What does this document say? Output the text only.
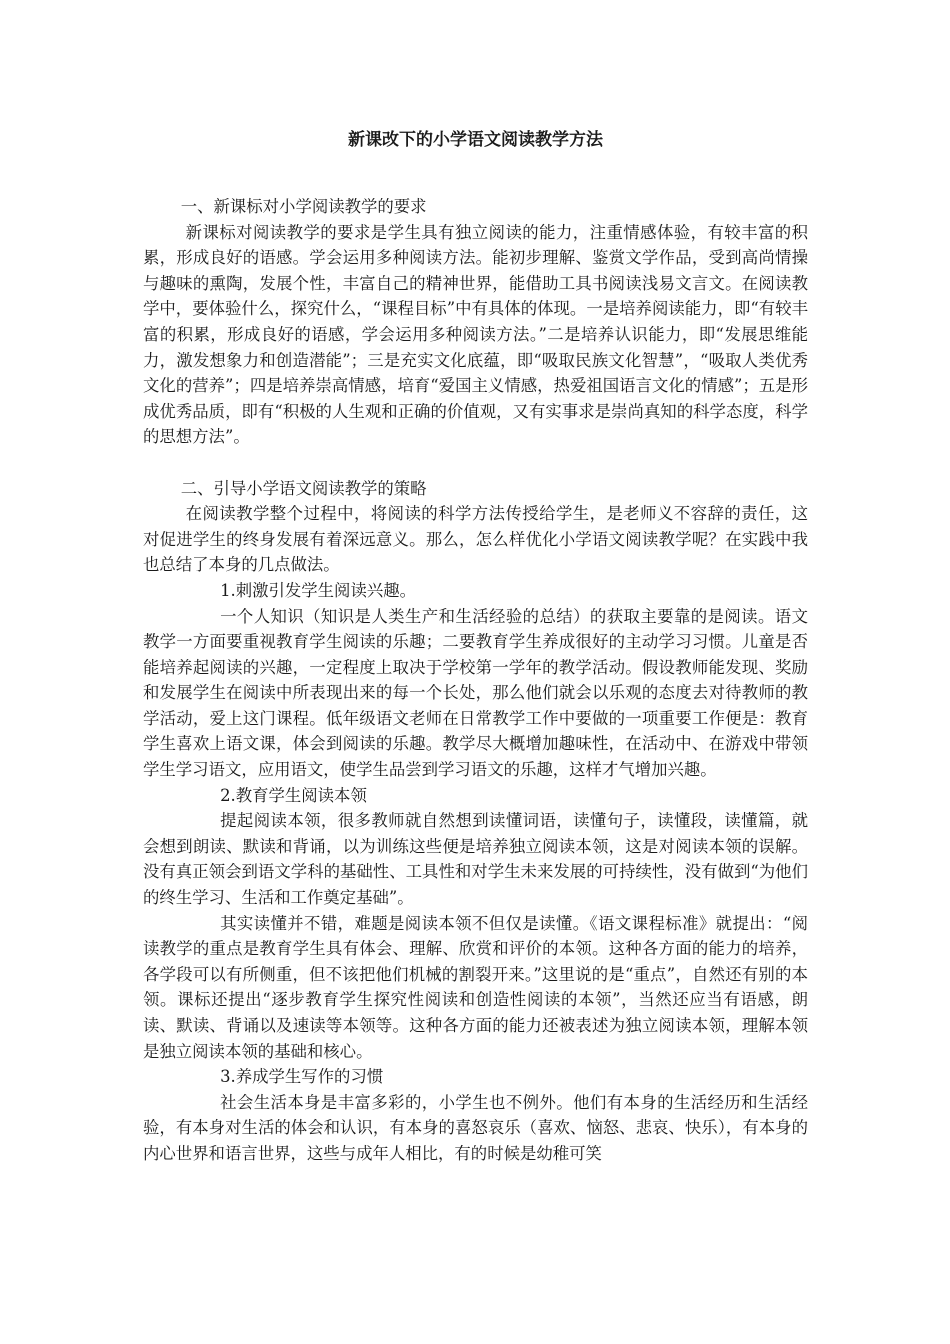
新课改下的小学语文阅读教学方法

一、新课标对小学阅读教学的要求

新课标对阅读教学的要求是学生具有独立阅读的能力，注重情感体验，有较丰富的积累，形成良好的语感。学会运用多种阅读方法。能初步理解、鉴赏文学作品，受到高尚情操与趣味的熏陶，发展个性，丰富自己的精神世界，能借助工具书阅读浅易文言文。在阅读教学中，要体验什么，探究什么，“课程目标”中有具体的体现。一是培养阅读能力，即“有较丰富的积累，形成良好的语感，学会运用多种阅读方法。”二是培养认识能力，即“发展思维能力，激发想象力和创造潜能”；三是充实文化底蕴，即“吸取民族文化智慧”，“吸取人类优秀文化的营养”；四是培养崇高情感，培育“爱国主义情感，热爱祖国语言文化的情感”；五是形成优秀品质，即有“积极的人生观和正确的价值观，又有实事求是崇尚真知的科学态度，科学的思想方法”。

二、引导小学语文阅读教学的策略

在阅读教学整个过程中，将阅读的科学方法传授给学生，是老师义不容辞的责任，这对促进学生的终身发展有着深远意义。那么，怎么样优化小学语文阅读教学呢？在实践中我也总结了本身的几点做法。

1.刺激引发学生阅读兴趣。

一个人知识（知识是人类生产和生活经验的总结）的获取主要靠的是阅读。语文教学一方面要重视教育学生阅读的乐趣；二要教育学生养成很好的主动学习习惯。儿童是否能培养起阅读的兴趣，一定程度上取决于学校第一学年的教学活动。假设教师能发现、奖励和发展学生在阅读中所表现出来的每一个长处，那么他们就会以乐观的态度去对待教师的教学活动，爱上这门课程。低年级语文老师在日常教学工作中要做的一项重要工作便是：教育学生喜欢上语文课，体会到阅读的乐趣。教学尽大概增加趣味性，在活动中、在游戏中带领学生学习语文，应用语文，使学生品尝到学习语文的乐趣，这样才气增加兴趣。

2.教育学生阅读本领

提起阅读本领，很多教师就自然想到读懂词语，读懂句子，读懂段，读懂篇，就会想到朗读、默读和背诵，以为训练这些便是培养独立阅读本领，这是对阅读本领的误解。没有真正领会到语文学科的基础性、工具性和对学生未来发展的可持续性，没有做到“为他们的终生学习、生活和工作奠定基础”。

其实读懂并不错，难题是阅读本领不但仅是读懂。《语文课程标准》就提出：“阅读教学的重点是教育学生具有体会、理解、欣赏和评价的本领。这种各方面的能力的培养，各学段可以有所侧重，但不该把他们机械的割裂开来。”这里说的是“重点”，自然还有别的本领。课标还提出“逐步教育学生探究性阅读和创造性阅读的本领”，当然还应当有语感，朗读、默读、背诵以及速读等本领等。这种各方面的能力还被表述为独立阅读本领，理解本领是独立阅读本领的基础和核心。

3.养成学生写作的习惯

社会生活本身是丰富多彩的，小学生也不例外。他们有本身的生活经历和生活经验，有本身对生活的体会和认识，有本身的喜怒哀乐（喜欢、恼怒、悲哀、快乐），有本身的内心世界和语言世界，这些与成年人相比，有的时候是幼稚可笑
